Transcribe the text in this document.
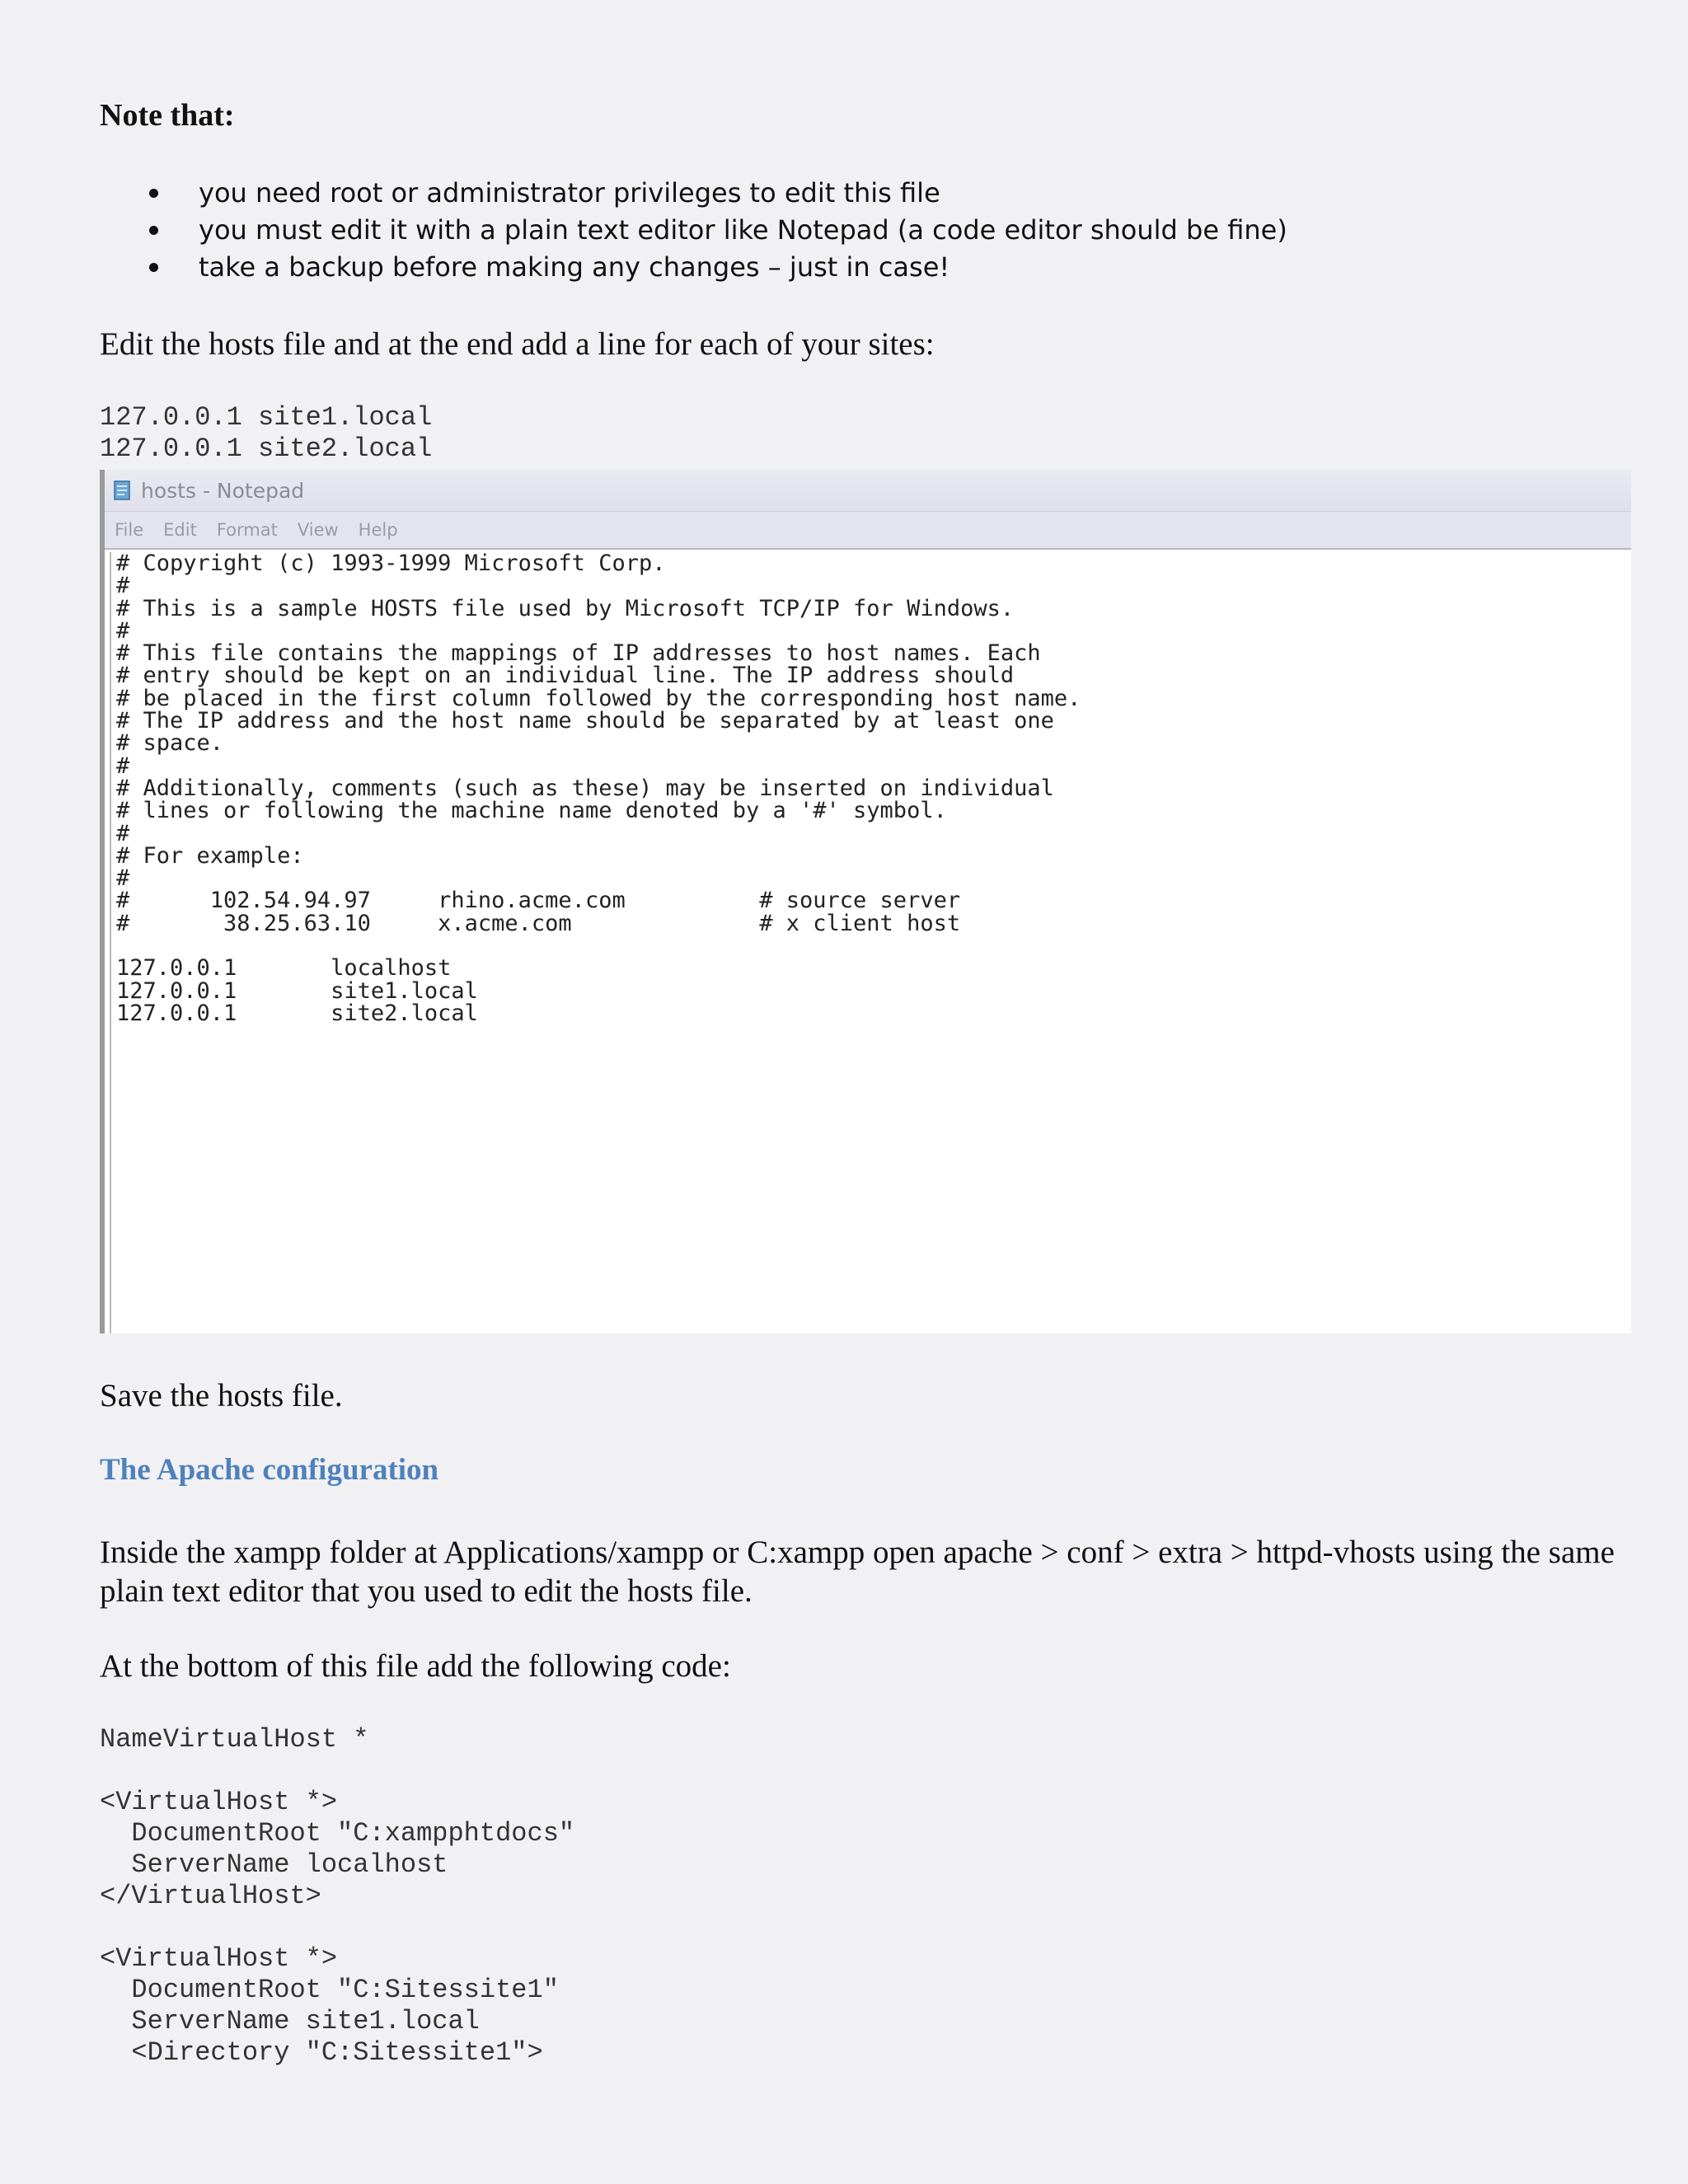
Note that:
you need root or administrator privileges to edit this file
you must edit it with a plain text editor like Notepad (a code editor should be fine)
take a backup before making any changes – just in case!

Edit the hosts file and at the end add a line for each of your sites:

127.0.0.1 site1.local
127.0.0.1 site2.local

Save the hosts file.

The Apache configuration

Inside the xampp folder at Applications/xampp or C:xampp open apache > conf > extra > httpd-vhosts using the same plain text editor that you used to edit the hosts file.

At the bottom of this file add the following code:

NameVirtualHost *
<VirtualHost *>
DocumentRoot "C:xampphtdocs"
ServerName localhost
</VirtualHost>
<VirtualHost *>
DocumentRoot "C:Sitessite1"
ServerName site1.local
<Directory "C:Sitessite1">
hosts - Notepad
File Edit Format View Help
# Copyright (c) 1993-1999 Microsoft Corp.
#
# This is a sample HOSTS file used by Microsoft TCP/IP for Windows.
#
# This file contains the mappings of IP addresses to host names. Each
# entry should be kept on an individual line. The IP address should
# be placed in the first column followed by the corresponding host name.
# The IP address and the host name should be separated by at least one
# space.
#
# Additionally, comments (such as these) may be inserted on individual
# lines or following the machine name denoted by a '#' symbol.
#
# For example:
#
#      102.54.94.97     rhino.acme.com          # source server
#       38.25.63.10     x.acme.com              # x client host
127.0.0.1       localhost
127.0.0.1       site1.local
127.0.0.1       site2.local
